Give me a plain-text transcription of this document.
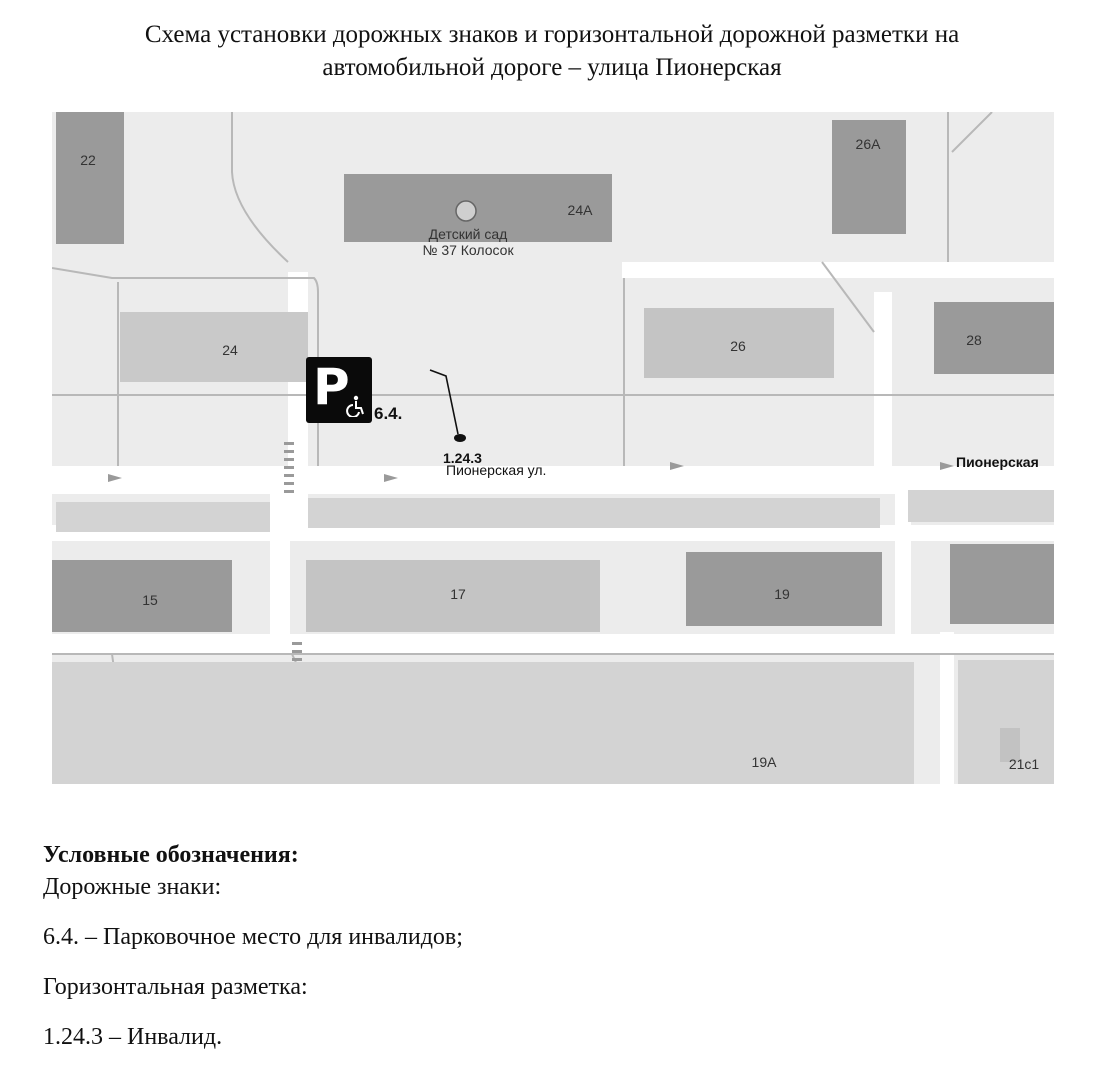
Схема установки дорожных знаков и горизонтальной дорожной разметки на
автомобильной дороге – улица Пионерская
22
24А
26А
24	26	28
15	17	19
19А	21с1
Детский сад
№ 37 Колосок
Пионерская ул.	Пионерская
P 6.4.
1.24.3
Условные обозначения:
Дорожные знаки:
6.4. – Парковочное место для инвалидов;
Горизонтальная разметка:
1.24.3 – Инвалид.
